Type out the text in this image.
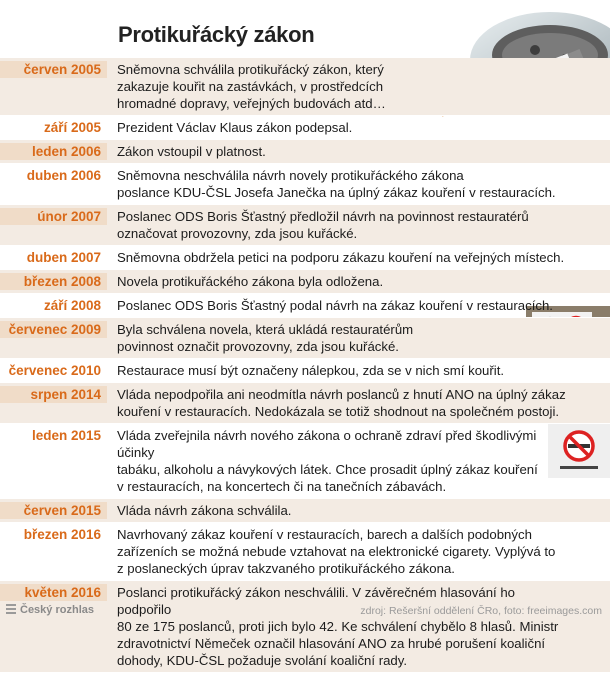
Protikuřácký zákon
červen 2005	Sněmovna schválila protikuřácký zákon, který
zakazuje kouřit na zastávkách, v prostředcích
hromadné dopravy, veřejných budovách atd…
září 2005	Prezident Václav Klaus zákon podepsal.
leden 2006	Zákon vstoupil v platnost.
duben 2006	Sněmovna neschválila návrh novely protikuřáckého zákona
poslance KDU-ČSL Josefa Janečka na úplný zákaz kouření v restauracích.
únor 2007	Poslanec ODS Boris Šťastný předložil návrh na povinnost restauratérů
označovat provozovny, zda jsou kuřácké.
duben 2007	Sněmovna obdržela petici na podporu zákazu kouření na veřejných místech.
březen 2008	Novela protikuřáckého zákona byla odložena.
září 2008	Poslanec ODS Boris Šťastný podal návrh na zákaz kouření v restauracích.
červenec 2009	Byla schválena novela, která ukládá restauratérům
povinnost označit provozovny, zda jsou kuřácké.
červenec 2010	Restaurace musí být označeny nálepkou, zda se v nich smí kouřit.
srpen 2014	Vláda nepodpořila ani neodmítla návrh poslanců z hnutí ANO na úplný zákaz
kouření v restauracích. Nedokázala se totiž shodnout na společném postoji.
leden 2015	Vláda zveřejnila návrh nového zákona o ochraně zdraví před škodlivými účinky
tabáku, alkoholu a návykových látek. Chce prosadit úplný zákaz kouření
v restauracích, na koncertech či na tanečních zábavách.
červen 2015	Vláda návrh zákona schválila.
březen 2016	Navrhovaný zákaz kouření v restauracích, barech a dalších podobných
zařízeních se možná nebude vztahovat na elektronické cigarety. Vyplývá to
z poslaneckých úprav takzvaného protikuřáckého zákona.
květen 2016	Poslanci protikuřácký zákon neschválili. V závěrečném hlasování ho podpořilo
80 ze 175 poslanců, proti jich bylo 42. Ke schválení chybělo 8 hlasů. Ministr
zdravotnictví Němeček označil hlasování ANO za hrubé porušení koaliční
dohody, KDU-ČSL požaduje svolání koaliční rady.
Český rozhlas	zdroj: Rešeršní oddělení ČRo, foto: freeimages.com
